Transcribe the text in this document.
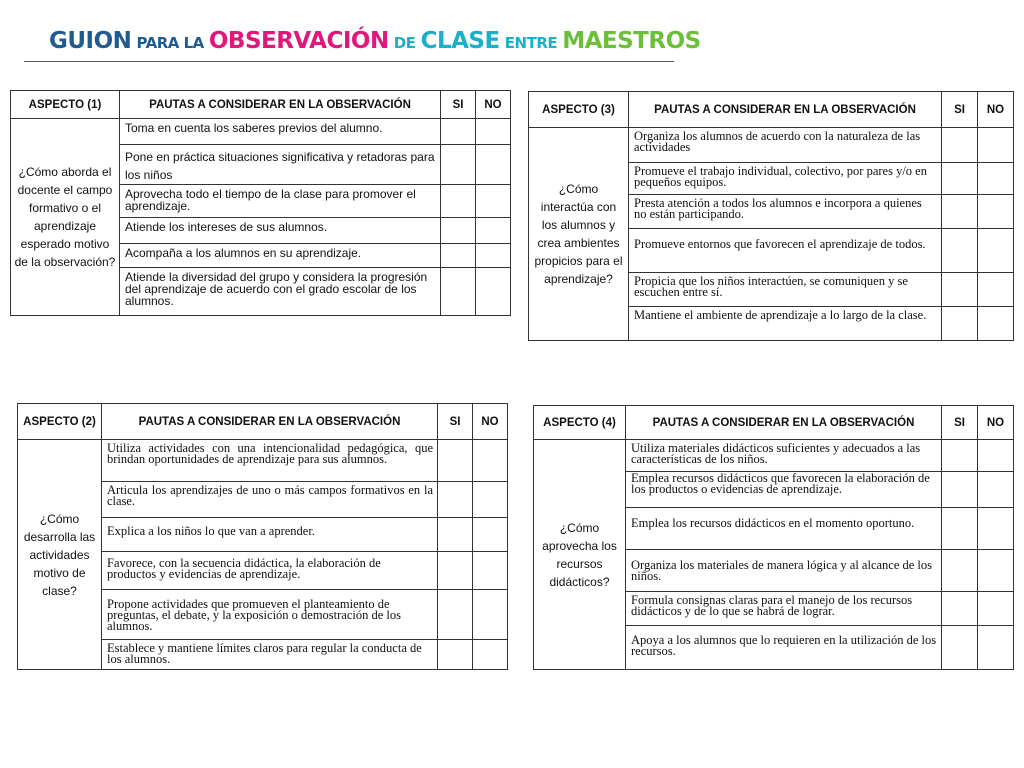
GUION PARA LA OBSERVACIÓN DE CLASE ENTRE MAESTROS
ASPECTO (1)	PAUTAS A CONSIDERAR EN LA OBSERVACIÓN	SI	NO
¿Cómo aborda el docente el campo formativo o el aprendizaje esperado motivo de la observación?	Toma en cuenta los saberes previos del alumno.		
	Pone en práctica situaciones significativa y retadoras para los niños		
	Aprovecha todo el tiempo de la clase para promover el aprendizaje.		
	Atiende los intereses de sus alumnos.		
	Acompaña a los alumnos en su aprendizaje.		
	Atiende la diversidad del grupo y considera la progresión del aprendizaje de acuerdo con el grado escolar de los alumnos.		
ASPECTO (3)	PAUTAS A CONSIDERAR EN LA OBSERVACIÓN	SI	NO
¿Cómo interactúa con los alumnos y crea ambientes propicios para el aprendizaje?	Organiza los alumnos de acuerdo con la naturaleza de las actividades		
	Promueve el trabajo individual, colectivo, por pares y/o en pequeños equipos.		
	Presta atención a todos los alumnos e incorpora a quienes no están participando.		
	Promueve entornos que favorecen el aprendizaje de todos.		
	Propicia que los niños interactúen, se comuniquen y se escuchen entre sí.		
	Mantiene el ambiente de aprendizaje a lo largo de la clase.		
ASPECTO (2)	PAUTAS A CONSIDERAR EN LA OBSERVACIÓN	SI	NO
¿Cómo desarrolla las actividades motivo de clase?	Utiliza actividades con una intencionalidad pedagógica, que brindan oportunidades de aprendizaje para sus alumnos.		
	Articula los aprendizajes de uno o más campos formativos en la clase.		
	Explica a los niños lo que van a aprender.		
	Favorece, con la secuencia didáctica, la elaboración de productos y evidencias de aprendizaje.		
	Propone actividades que promueven el planteamiento de preguntas, el debate, y la exposición o demostración de los alumnos.		
	Establece y mantiene límites claros para regular la conducta de los alumnos.		
ASPECTO (4)	PAUTAS A CONSIDERAR EN LA OBSERVACIÓN	SI	NO
¿Cómo aprovecha los recursos didácticos?	Utiliza materiales didácticos suficientes y adecuados a las características de los niños.		
	Emplea recursos didácticos que favorecen la elaboración de los productos o evidencias de aprendizaje.		
	Emplea los recursos didácticos en el momento oportuno.		
	Organiza los materiales de manera lógica y al alcance de los niños.		
	Formula consignas claras para el manejo de los recursos didácticos y de lo que se habrá de lograr.		
	Apoya a los alumnos que lo requieren en la utilización de los recursos.		
